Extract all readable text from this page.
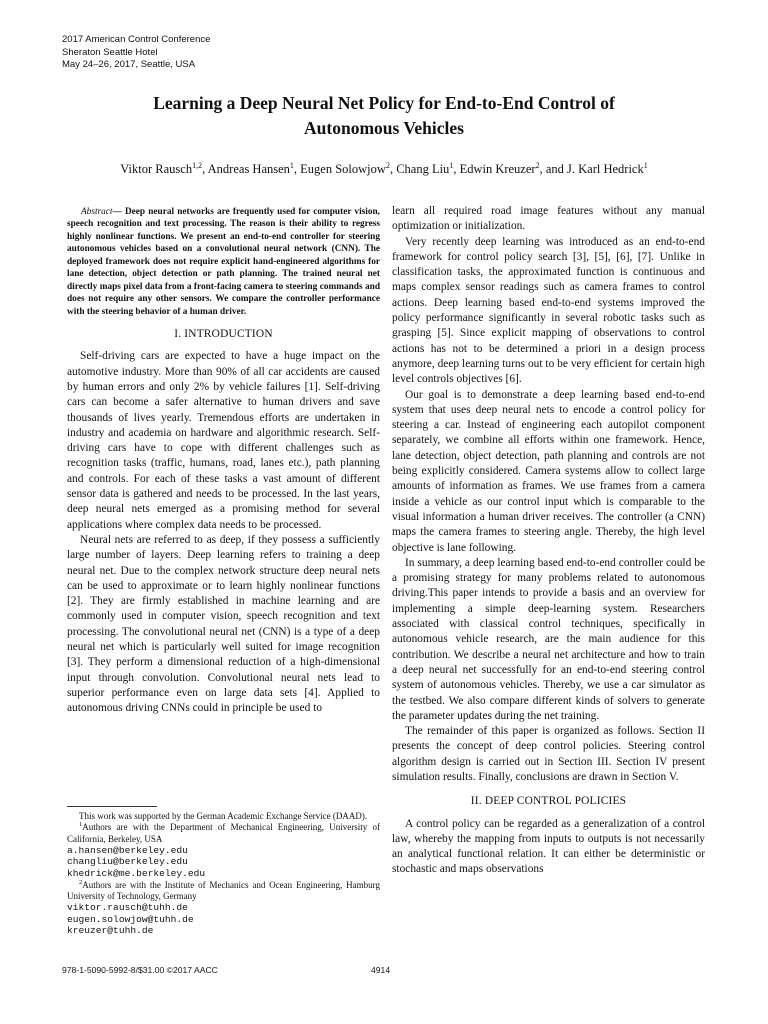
2017 American Control Conference
Sheraton Seattle Hotel
May 24–26, 2017, Seattle, USA
Learning a Deep Neural Net Policy for End-to-End Control of
Autonomous Vehicles
Viktor Rausch$^{1,2}$, Andreas Hansen$^1$, Eugen Solowjow$^2$, Chang Liu$^1$, Edwin Kreuzer$^2$, and J. Karl Hedrick$^1$

Abstract— Deep neural networks are frequently used for computer vision, speech recognition and text processing. The reason is their ability to regress highly nonlinear functions. We present an end-to-end controller for steering autonomous vehicles based on a convolutional neural network (CNN). The deployed framework does not require explicit hand-engineered algorithms for lane detection, object detection or path planning. The trained neural net directly maps pixel data from a front-facing camera to steering commands and does not require any other sensors. We compare the controller performance with the steering behavior of a human driver.

I. INTRODUCTION

Self-driving cars are expected to have a huge impact on the automotive industry. More than 90% of all car accidents are caused by human errors and only 2% by vehicle failures [1]. Self-driving cars can become a safer alternative to human drivers and save thousands of lives yearly. Tremendous efforts are undertaken in industry and academia on hardware and algorithmic research. Self-driving cars have to cope with different challenges such as recognition tasks (traffic, humans, road, lanes etc.), path planning and controls. For each of these tasks a vast amount of different sensor data is gathered and needs to be processed. In the last years, deep neural nets emerged as a promising method for several applications where complex data needs to be processed.

Neural nets are referred to as deep, if they possess a sufficiently large number of layers. Deep learning refers to training a deep neural net. Due to the complex network structure deep neural nets can be used to approximate or to learn highly nonlinear functions [2]. They are firmly established in machine learning and are commonly used in computer vision, speech recognition and text processing. The convolutional neural net (CNN) is a type of a deep neural net which is particularly well suited for image recognition [3]. They perform a dimensional reduction of a high-dimensional input through convolution. Convolutional neural nets lead to superior performance even on large data sets [4]. Applied to autonomous driving CNNs could in principle be used to

This work was supported by the German Academic Exchange Service (DAAD).

$^1$Authors are with the Department of Mechanical Engineering, University of California, Berkeley, USA

a.hansen@berkeley.edu

changliu@berkeley.edu

khedrick@me.berkeley.edu

$^2$Authors are with the Institute of Mechanics and Ocean Engineering, Hamburg University of Technology, Germany

viktor.rausch@tuhh.de

eugen.solowjow@tuhh.de

kreuzer@tuhh.de

learn all required road image features without any manual optimization or initialization.

Very recently deep learning was introduced as an end-to-end framework for control policy search [3], [5], [6], [7]. Unlike in classification tasks, the approximated function is continuous and maps complex sensor readings such as camera frames to control actions. Deep learning based end-to-end systems improved the policy performance significantly in several robotic tasks such as grasping [5]. Since explicit mapping of observations to control actions has not to be determined a priori in a design process anymore, deep learning turns out to be very efficient for certain high level controls objectives [6].

Our goal is to demonstrate a deep learning based end-to-end system that uses deep neural nets to encode a control policy for steering a car. Instead of engineering each autopilot component separately, we combine all efforts within one framework. Hence, lane detection, object detection, path planning and controls are not being explicitly considered. Camera systems allow to collect large amounts of information as frames. We use frames from a camera inside a vehicle as our control input which is comparable to the visual information a human driver receives. The controller (a CNN) maps the camera frames to steering angle. Thereby, the high level objective is lane following.

In summary, a deep learning based end-to-end controller could be a promising strategy for many problems related to autonomous driving.This paper intends to provide a basis and an overview for implementing a simple deep-learning system. Researchers associated with classical control techniques, specifically in autonomous vehicle research, are the main audience for this contribution. We describe a neural net architecture and how to train a deep neural net successfully for an end-to-end steering control system of autonomous vehicles. Thereby, we use a car simulator as the testbed. We also compare different kinds of solvers to generate the parameter updates during the net training.

The remainder of this paper is organized as follows. Section II presents the concept of deep control policies. Steering control algorithm design is carried out in Section III. Section IV present simulation results. Finally, conclusions are drawn in Section V.

II. DEEP CONTROL POLICIES

A control policy can be regarded as a generalization of a control law, whereby the mapping from inputs to outputs is not necessarily an analytical functional relation. It can either be deterministic or stochastic and maps observations

978-1-5090-5992-8/$31.00 ©2017 AACC	4914
